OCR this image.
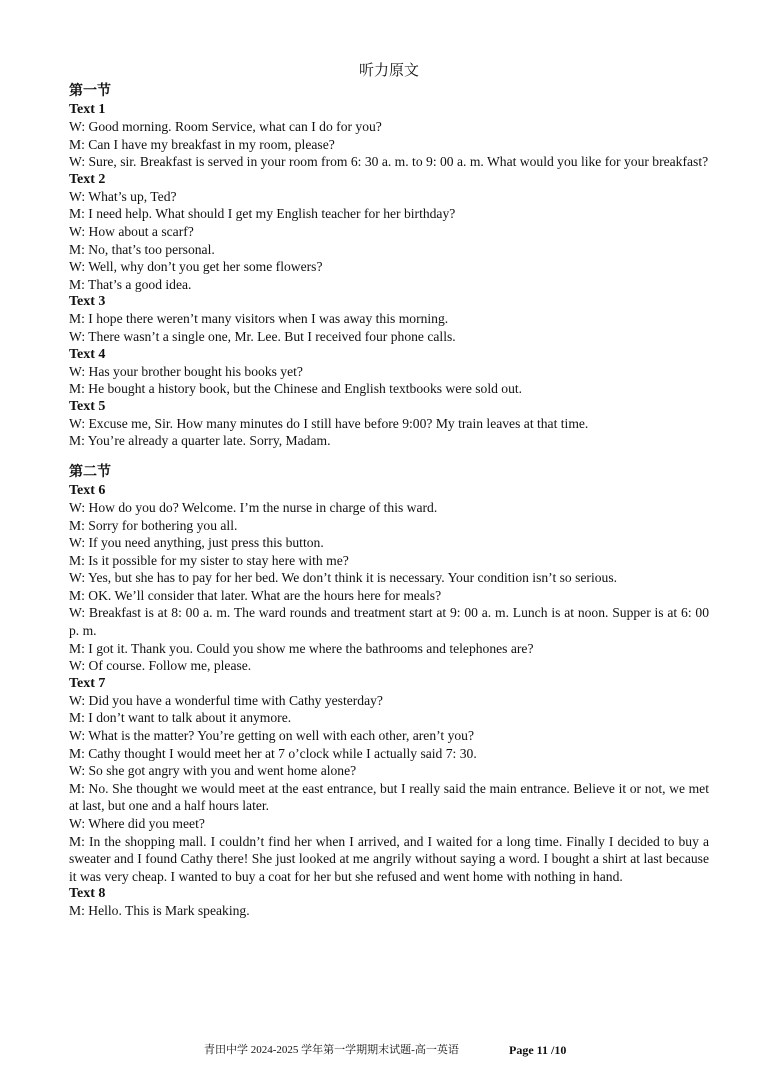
听力原文
第一节
Text 1
W: Good morning. Room Service, what can I do for you?
M: Can I have my breakfast in my room, please?
W: Sure, sir. Breakfast is served in your room from 6: 30 a. m. to 9: 00 a. m. What would you like for your breakfast?
Text 2
W: What’s up, Ted?
M: I need help. What should I get my English teacher for her birthday?
W: How about a scarf?
M: No, that’s too personal.
W: Well, why don’t you get her some flowers?
M: That’s a good idea.
Text 3
M: I hope there weren’t many visitors when I was away this morning.
W: There wasn’t a single one, Mr. Lee. But I received four phone calls.
Text 4
W: Has your brother bought his books yet?
M: He bought a history book, but the Chinese and English textbooks were sold out.
Text 5
W: Excuse me, Sir. How many minutes do I still have before 9:00? My train leaves at that time.
M: You’re already a quarter late. Sorry, Madam.
第二节
Text 6
W: How do you do? Welcome. I’m the nurse in charge of this ward.
M: Sorry for bothering you all.
W: If you need anything, just press this button.
M: Is it possible for my sister to stay here with me?
W: Yes, but she has to pay for her bed. We don’t think it is necessary. Your condition isn’t so serious.
M: OK. We’ll consider that later. What are the hours here for meals?
W: Breakfast is at 8: 00 a. m. The ward rounds and treatment start at 9: 00 a. m. Lunch is at noon. Supper is at 6: 00 p. m.
M: I got it. Thank you. Could you show me where the bathrooms and telephones are?
W: Of course. Follow me, please.
Text 7
W: Did you have a wonderful time with Cathy yesterday?
M: I don’t want to talk about it anymore.
W: What is the matter? You’re getting on well with each other, aren’t you?
M: Cathy thought I would meet her at 7 o’clock while I actually said 7: 30.
W: So she got angry with you and went home alone?
M: No. She thought we would meet at the east entrance, but I really said the main entrance. Believe it or not, we met at last, but one and a half hours later.
W: Where did you meet?
M: In the shopping mall. I couldn’t find her when I arrived, and I waited for a long time. Finally I decided to buy a sweater and I found Cathy there! She just looked at me angrily without saying a word. I bought a shirt at last because it was very cheap. I wanted to buy a coat for her but she refused and went home with nothing in hand.
Text 8
M: Hello. This is Mark speaking.
青田中学 2024-2025 学年第一学期期末试题-高一英语	Page 11 /10
